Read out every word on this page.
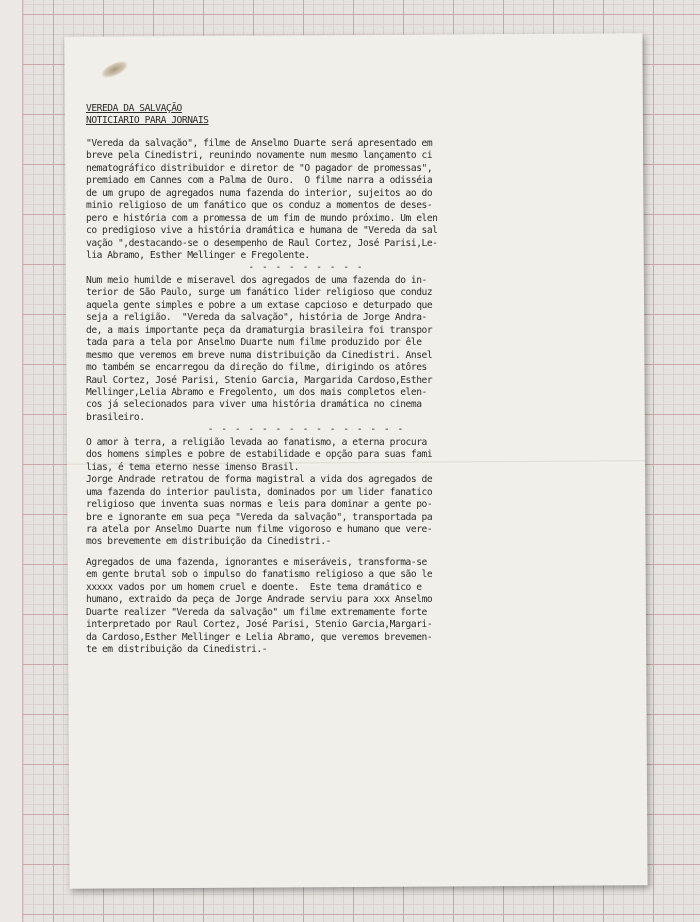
VEREDA DA SALVAÇÃO
NOTICIARIO PARA JORNAIS
"Vereda da salvação", filme de Anselmo Duarte será apresentado em
breve pela Cinedistri, reunindo novamente num mesmo lançamento ci
nematográfico distribuidor e diretor de "O pagador de promessas",
premiado em Cannes com a Palma de Ouro.  O filme narra a odisséia
de um grupo de agregados numa fazenda do interior, sujeitos ao do
minio religioso de um fanático que os conduz a momentos de deses-
pero e história com a promessa de um fim de mundo próximo. Um elen
co predigioso vive a história dramática e humana de "Vereda da sal
vação ",destacando-se o desempenho de Raul Cortez, José Parisi,Le-
lia Abramo, Esther Mellinger e Fregolente.
- - - - - - - - -
Num meio humilde e miseravel dos agregados de uma fazenda do in-
terior de São Paulo, surge um fanático lider religioso que conduz
aquela gente simples e pobre a um extase capcioso e deturpado que
seja a religião.  "Vereda da salvação", história de Jorge Andra-
de, a mais importante peça da dramaturgia brasileira foi transpor
tada para a tela por Anselmo Duarte num filme produzido por êle
mesmo que veremos em breve numa distribuição da Cinedistri. Ansel
mo também se encarregou da direção do filme, dirigindo os atôres
Raul Cortez, José Parisi, Stenio Garcia, Margarida Cardoso,Esther
Mellinger,Lelia Abramo e Fregolento, um dos mais completos elen-
cos já selecionados para viver uma história dramática no cinema
brasileiro.
- - - - - - - - - - - - - - -
O amor à terra, a religião levada ao fanatismo, a eterna procura
dos homens simples e pobre de estabilidade e opção para suas fami
lias, é tema eterno nesse imenso Brasil.
Jorge Andrade retratou de forma magistral a vida dos agregados de
uma fazenda do interior paulista, dominados por um lider fanatico
religioso que inventa suas normas e leis para dominar a gente po-
bre e ignorante em sua peça "Vereda da salvação", transportada pa
ra atela por Anselmo Duarte num filme vigoroso e humano que vere-
mos brevemente em distribuição da Cinedistri.-
Agregados de uma fazenda, ignorantes e miseráveis, transforma-se
em gente brutal sob o impulso do fanatismo religioso a que são le
xxxxx vados por um homem cruel e doente.  Este tema dramático e
humano, extraido da peça de Jorge Andrade serviu para xxx Anselmo
Duarte realizer "Vereda da salvação" um filme extremamente forte
interpretado por Raul Cortez, José Parisi, Stenio Garcia,Margari-
da Cardoso,Esther Mellinger e Lelia Abramo, que veremos brevemen-
te em distribuição da Cinedistri.-
